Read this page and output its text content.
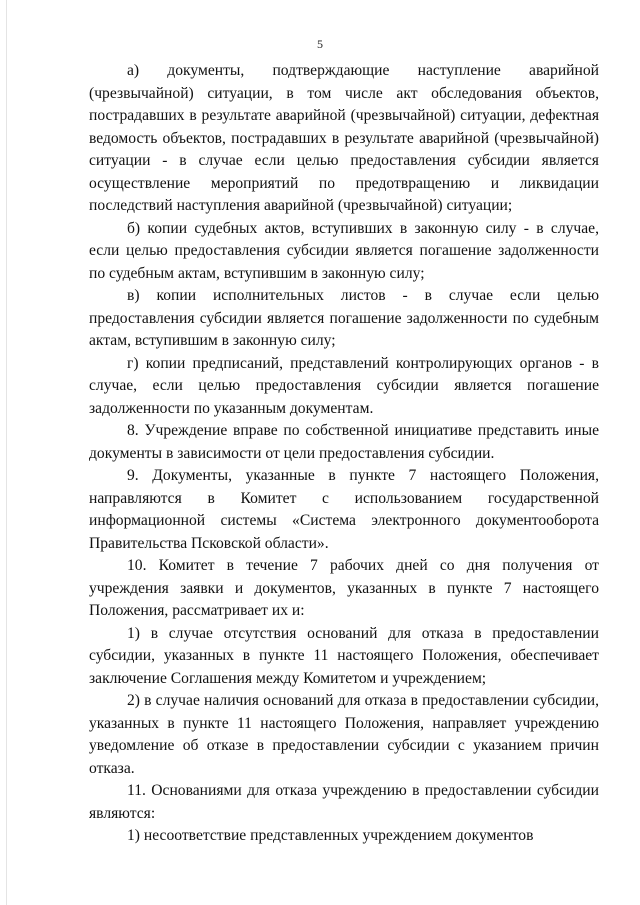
5

а) документы, подтверждающие наступление аварийной (чрезвычайной) ситуации, в том числе акт обследования объектов, пострадавших в результате аварийной (чрезвычайной) ситуации, дефектная ведомость объектов, пострадавших в результате аварийной (чрезвычайной) ситуации - в случае если целью предоставления субсидии является осуществление мероприятий по предотвращению и ликвидации последствий наступления аварийной (чрезвычайной) ситуации;

б) копии судебных актов, вступивших в законную силу - в случае, если целью предоставления субсидии является погашение задолженности по судебным актам, вступившим в законную силу;

в) копии исполнительных листов - в случае если целью предоставления субсидии является погашение задолженности по судебным актам, вступившим в законную силу;

г) копии предписаний, представлений контролирующих органов - в случае, если целью предоставления субсидии является погашение задолженности по указанным документам.

8. Учреждение вправе по собственной инициативе представить иные документы в зависимости от цели предоставления субсидии.

9. Документы, указанные в пункте 7 настоящего Положения, направляются в Комитет с использованием государственной информационной системы «Система электронного документооборота Правительства Псковской области».

10. Комитет в течение 7 рабочих дней со дня получения от учреждения заявки и документов, указанных в пункте 7 настоящего Положения, рассматривает их и:

1) в случае отсутствия оснований для отказа в предоставлении субсидии, указанных в пункте 11 настоящего Положения, обеспечивает заключение Соглашения между Комитетом и учреждением;

2) в случае наличия оснований для отказа в предоставлении субсидии, указанных в пункте 11 настоящего Положения, направляет учреждению уведомление об отказе в предоставлении субсидии с указанием причин отказа.

11. Основаниями для отказа учреждению в предоставлении субсидии являются:

1) несоответствие представленных учреждением документов
